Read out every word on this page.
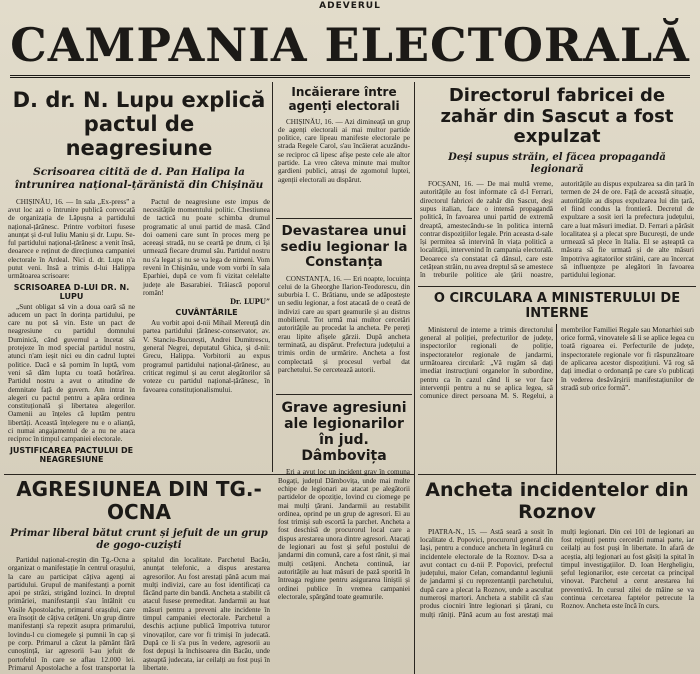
ADEVERUL
CAMPANIA ELECTORALĂ
D. dr. N. Lupu explică pactul de neagresiune
Scrisoarea citită de d. Pan Halipa la întrunirea național-țărănistă din Chișinău

CHIȘINĂU, 16. — In sala „Ex-press” a avut loc azi o întrunire publică convocată de organizația de Lăpușna a partidului național-țărănesc. Printre vorbitori fusese anunțat și d-rul Iuliu Maniu și dr. Lupu. Se-ful partidului național-țărănesc a venit însă, deoarece e reținut de direcțiunea campaniei electorale în Ardeal. Nici d. dr. Lupu n'a putut veni. Insă a trimis d-lui Halippa următoarea scrisoare:

SCRISOAREA D-LUI DR. N. LUPU

„Sunt obligat să vin a doua oară să ne aducem un pact în dorința partidului, pe care nu pot să vin. Este un pact de neagresiune cu partidul domnului Duminică, când guvernul a încetat să protejeze în mod special partidul nostru, atunci n'am ieșit nici eu din cadrul luptei politice. Dacă e să pornim în luptă, vom veni să dăm lupta cu toată hotărîrea. Partidul nostru a avut o atitudine de demnitate față de guvern. Am intrat în alegeri cu pactul pentru a apăra ordinea constituțională și libertatea alegerilor. Oamenii au înțeles că luptăm pentru libertăți. Această înțelegere nu e o alianță, ci numai angajamentul de a nu ne ataca reciproc în timpul campaniei electorale.

JUSTIFICAREA PACTULUI DE NEAGRESIUNE

Pactul de neagresiune este impus de necesitățile momentului politic. Chestiunea de tactică nu poate schimba drumul programatic al unui partid de masă. Când doi oameni care sunt în proces merg pe aceeași stradă, nu se ceartă pe drum, ci își urmează fiecare drumul său. Partidul nostru nu s'a legat și nu se va lega de nimeni. Vom reveni în Chișinău, unde vom vorbi în sala Eparhiei, după ce vom fi vizitat celelalte județe ale Basarabiei. Trăiască poporul român!

Dr. LUPU”
CUVÂNTĂRILE

Au vorbit apoi d-nii Mihail Mereuță din partea partidului țărănesc-conservator, av. V. Stanciu-București, Andrei Dumitrescu, general Negrei, deputatul Ghica, și d-nii: Grecu, Halippa. Vorbitorii au expus programul partidului național-țărănesc, au criticat regimul și au cerut alegătorilor să voteze cu partidul național-țărănesc, în favoarea constituționalismului.

Încăierare între agenți electorali

CHIȘINĂU, 16. — Azi dimineață un grup de agenți electorali ai mai multor partide politice, care lipeau manifeste electorale pe strada Regele Carol, s'au încăierat acuzându-se reciproc că lipesc afișe peste cele ale altor partide. La vreo câteva minute mai multor gardieni publici, atrași de zgomotul luptei, agenții electorali au dispărut.

Devastarea unui sediu legionar la Constanța

CONSTANȚA, 16. — Eri noapte, locuința celui de la Gheorghe Ilarion-Teodorescu, din suburbia I. C. Brătianu, unde se adăpostește un sediu legionar, a fost atacată de o ceată de indivizi care au spart geamurile și au distrus mobilierul. Tot urmă mai multor cercetări autoritățile au procedat la ancheta. Pe pereți erau lipite afișele gărzii. După ancheta terminată, au dispărut. Prefectura județului a trimis ordin de urmărire. Ancheta a fost complectată și procesul verbal dat parchetului. Se cercetează autorii.

Grave agresiuni ale legionarilor în jud. Dâmbovița

Eri a avut loc un incident grav în comuna Bogați, județul Dâmbovița, unde mai multe echipe de legionari au atacat pe alegătorii partidelor de opoziție, lovind cu ciomege pe mai mulți țărani. Jandarmii au restabilit ordinea, oprind pe un grup de agresori. Ei au fost trimiși sub escortă la parchet. Ancheta a fost deschisă de procurorul local care a dispus arestarea unora dintre agresori. Atacați de legionari au fost și șeful postului de jandarmi din comună, care a fost rănit, și mai mulți cetățeni. Ancheta continuă, iar autoritățile au luat măsuri de pază sporită în întreaga regiune pentru asigurarea liniștii și ordinei publice în vremea campaniei electorale, spărgând toate geamurile.

Directorul fabricei de zahăr din Sascut a fost expulzat
Deși supus străin, el făcea propagandă legionară

FOCȘANI, 16. — De mai multă vreme, autoritățile au fost informate că d-l Ferrari, directorul fabricei de zahăr din Sascut, deși supus italian, face o intensă propagandă politică, în favoarea unui partid de extremă dreaptă, amestecându-se în politica internă contrar dispozițiilor legale. Prin aceasta d-sale își permitea să intervină în viața politică a localității, intervenind în campania electorală. Deoarece s'a constatat că dânsul, care este cetățean străin, nu avea dreptul să se amestece în treburile politice ale țării noastre, autoritățile au dispus expulzarea sa din țară în termen de 24 de ore. Față de această situație, autoritățile au dispus expulzarea lui din țară, el fiind condus la frontieră. Decretul de expulzare a sosit ieri la prefectura județului, care a luat măsuri imediat. D. Ferrari a părăsit localitatea și a plecat spre București, de unde urmează să plece în Italia. El se așteaptă ca măsura să fie urmată și de alte măsuri împotriva agitatorilor străini, care au încercat să influențeze pe alegători în favoarea partidului legionar.

O CIRCULARĂ A MINISTERULUI DE INTERNE

Ministerul de interne a trimis directorului general al poliției, prefecturilor de județe, inspectorilor regionali de poliție, inspectoratelor regionale de jandarmi, următoarea circulară: „Vă rugăm să dați imediat instrucțiuni organelor în subordine, pentru ca în cazul când li se vor face intervenții pentru a nu se aplica legea, să comunice direct persoana M. S. Regelui, a membrilor Familiei Regale sau Monarhiei sub orice formă, vinovatele să li se aplice legea cu toată rigoarea ei. Perfecturile de județe, inspectoratele regionale vor fi răspunzătoare de aplicarea acestor dispozițiuni. Vă rog să dați imediat o ordonanță pe care s'o publicați în vederea desăvârșirii manifestațiunilor de stradă sub orice formă”.

AGRESIUNEA DIN TG.-OCNA
Primar liberal bătut crunt și jefuit de un grup de gogo-cuziști

Partidul național-creștin din Tg.-Ocna a organizat o manifestație în centrul orașului, la care au participat câțiva agenți ai partidului. Grupul de manifestanți a pornit apoi pe străzi, strigând lozinci. In dreptul primăriei, manifestanții s'au întâlnit cu Vasile Apostolache, primarul orașului, care era însoțit de câțiva cetățeni. Un grup dintre manifestanți s'a repezit asupra primarului, lovindu-l cu ciomegele și pumnii în cap și pe corp. Primarul a căzut la pământ fără cunoștință, iar agresorii l-au jefuit de portofelul în care se aflau 12.000 lei. Primarul Apostolache a fost transportat la spitalul din localitate. Parchetul Bacău, anunțat telefonic, a dispus arestarea agresorilor. Au fost arestați până acum mai mulți indivizi, care au fost identificați ca făcând parte din bandă. Ancheta a stabilit că atacul fusese premeditat. Jandarmii au luat măsuri pentru a preveni alte incidente în timpul campaniei electorale. Parchetul a deschis acțiune publică împotriva tuturor vinovaților, care vor fi trimiși în judecată. După ce li s'a pus în vedere, agresorii au fost depuși la închisoarea din Bacău, unde așteaptă judecata, iar ceilalți au fost puși în libertate.

Ancheta incidentelor din Roznov

PIATRA-N., 15. — Astă seară a sosit în localitate d. Popovici, procurorul general din Iași, pentru a conduce ancheta în legătură cu incidentele electorale de la Roznov. D-sa a avut contact cu d-nii P. Popovici, prefectul județului, maior Celan, comandantul legiunii de jandarmi și cu reprezentanții parchetului, după care a plecat la Roznov, unde a ascultat numeroși martori. Ancheta a stabilit că s'au produs ciocniri între legionari și țărani, cu mulți răniți. Până acum au fost arestați mai mulți legionari. Din cei 101 de legionari au fost reținuți pentru cercetări numai parte, iar ceilalți au fost puși în libertate. In afară de aceștia, alți legionari au fost găsiți la spital în timpul investigațiilor. D. Ioan Hergheligiu, șeful legionarilor, este cercetat ca principal vinovat. Parchetul a cerut arestarea lui preventivă. In cursul zilei de mâine se va continua cercetarea faptelor petrecute la Roznov. Ancheta este încă în curs.
